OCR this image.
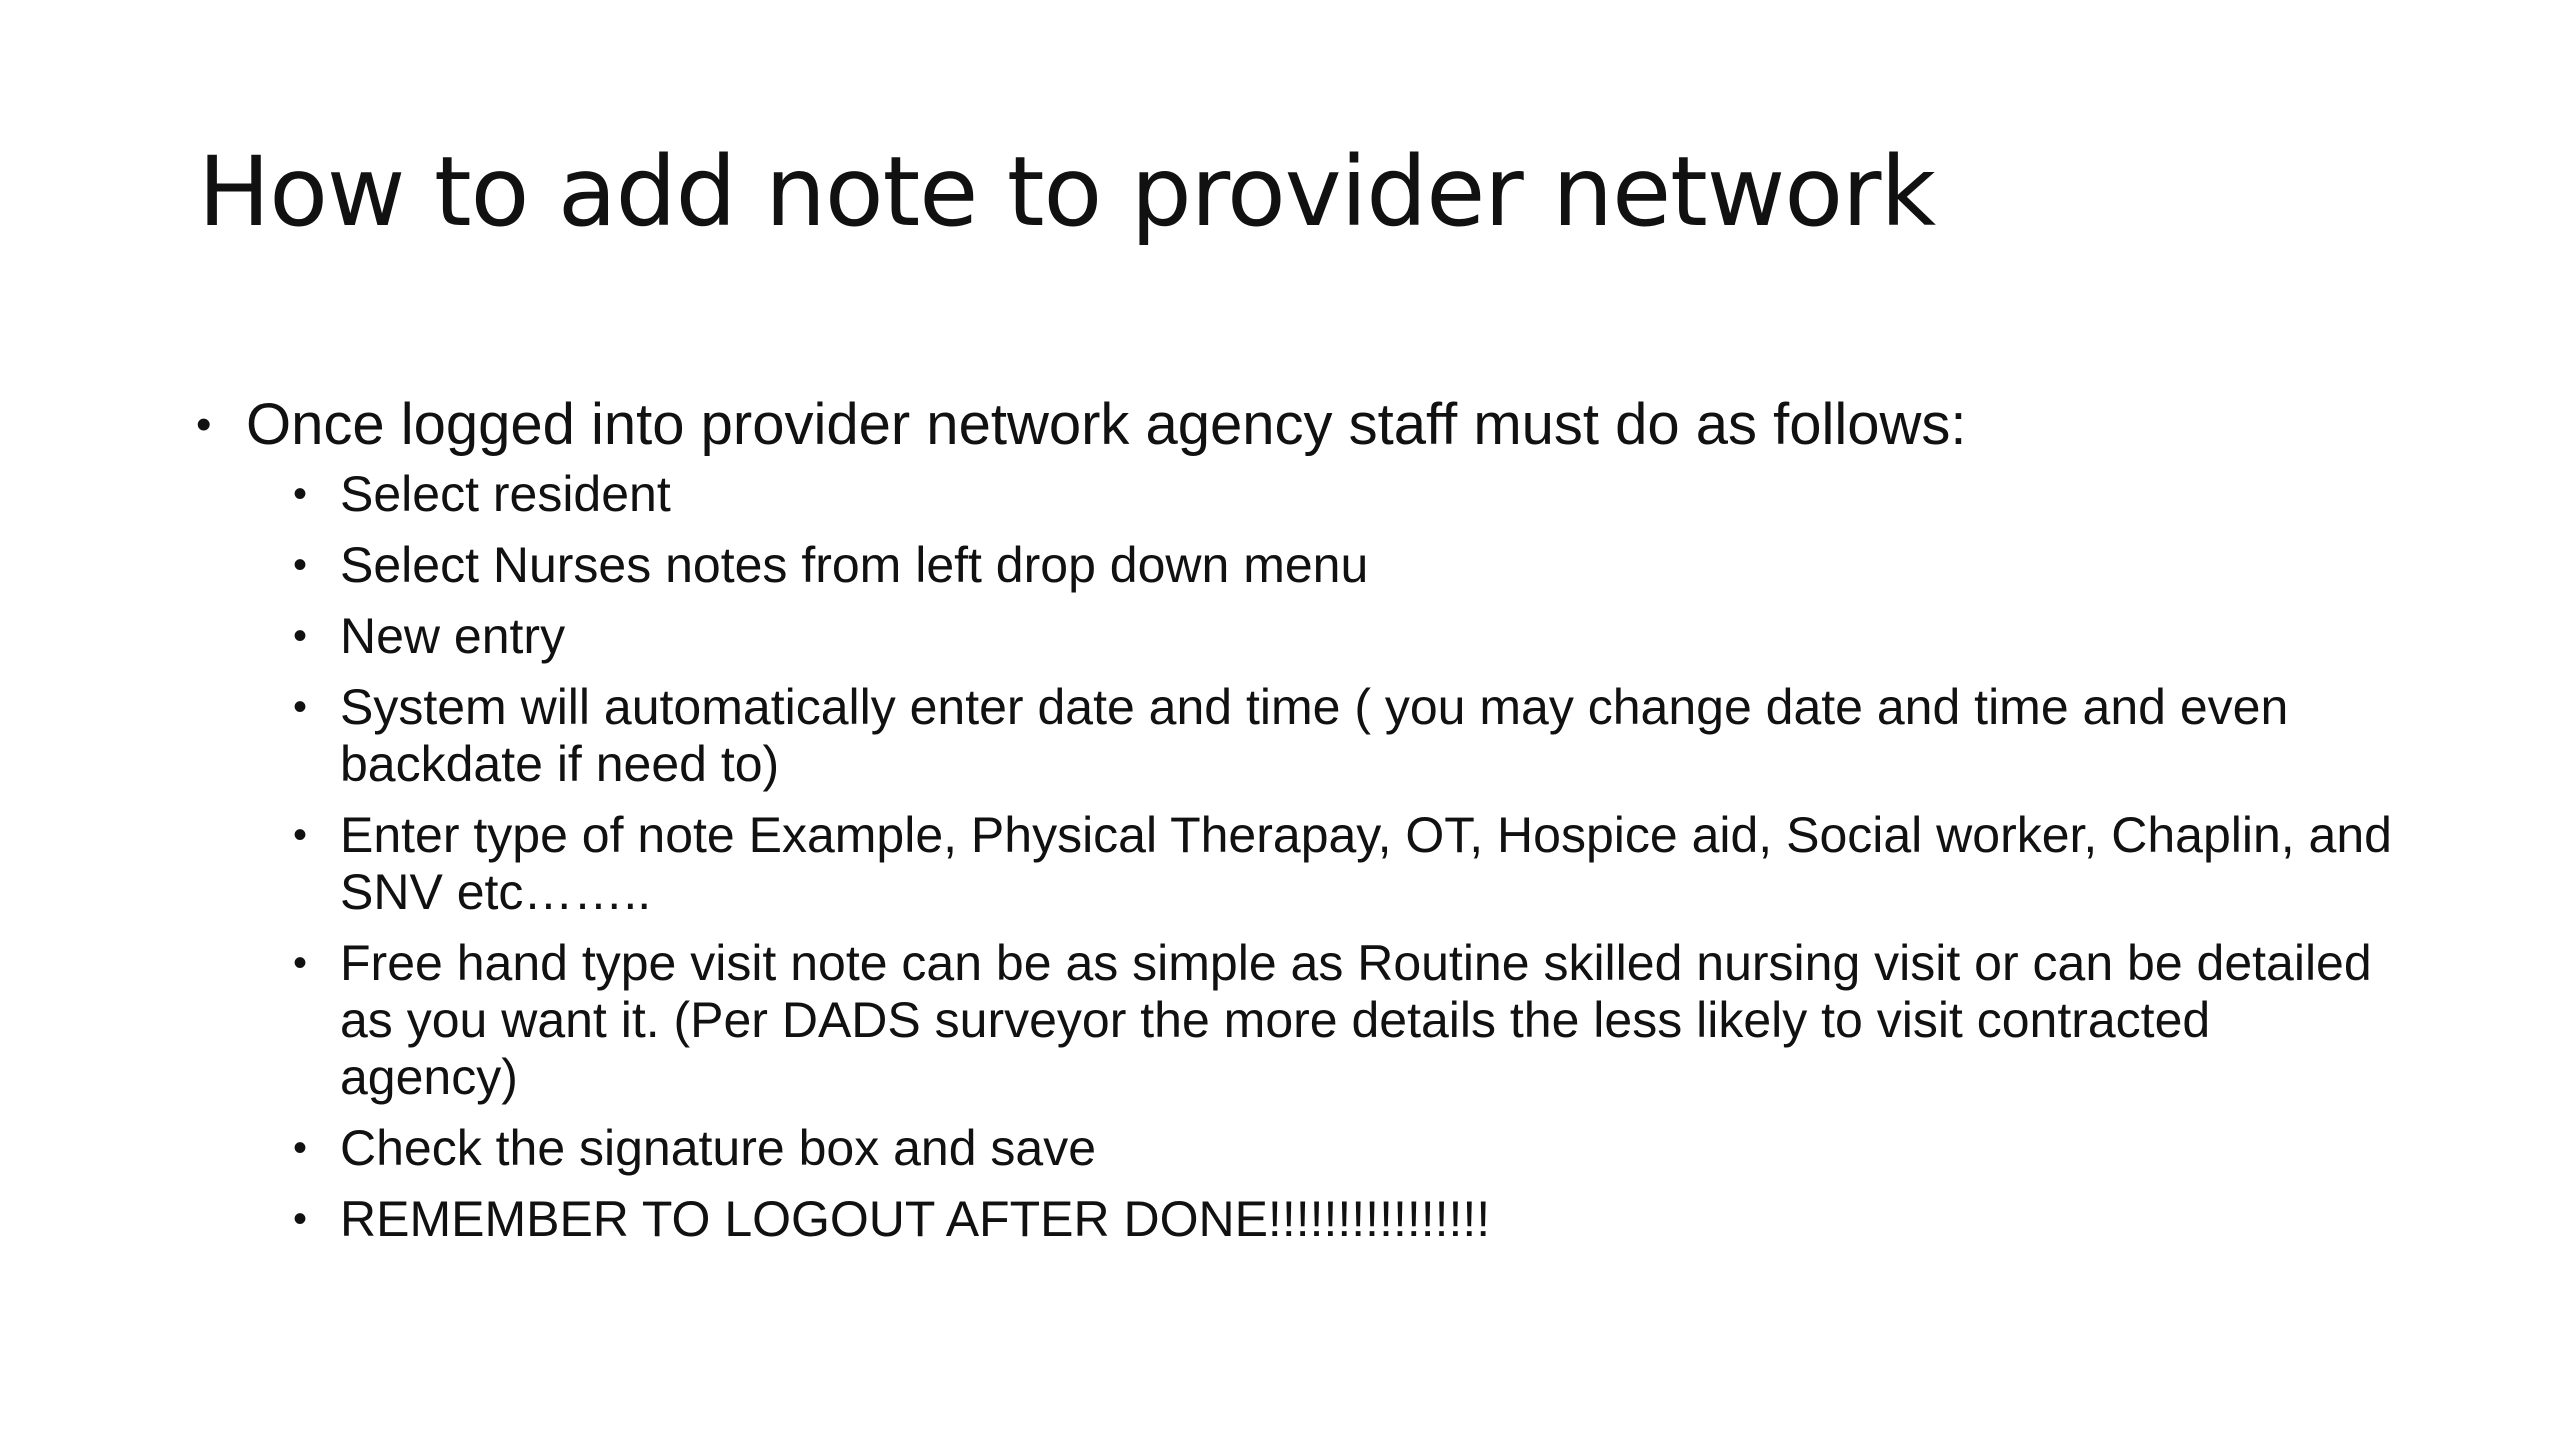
How to add note to provider network
• Once logged into provider network agency staff must do as follows:
• Select resident
• Select Nurses notes from left drop down menu
• New entry
• System will automatically enter date and time ( you may change date and time and even backdate if need to)
• Enter type of note Example, Physical Therapay, OT, Hospice aid, Social worker, Chaplin, and SNV etc……..
• Free hand type visit note can be as simple as Routine skilled nursing visit or can be detailed as you want it. (Per DADS surveyor the more details the less likely to visit contracted agency)
• Check the signature box and save
• REMEMBER TO LOGOUT AFTER DONE!!!!!!!!!!!!!!!!
